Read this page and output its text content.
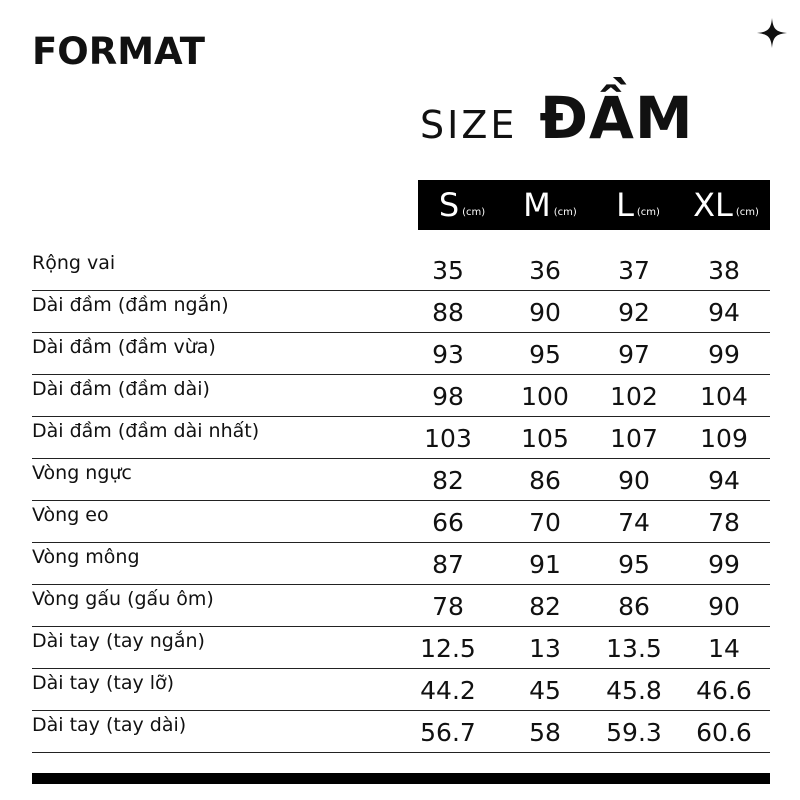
FORMAT
SIZE ĐẦM
S (cm) M (cm) L (cm) XL (cm)
Rộng vai	35	36	37	38
Dài đầm (đầm ngắn)	88	90	92	94
Dài đầm (đầm vừa)	93	95	97	99
Dài đầm (đầm dài)	98	100	102	104
Dài đầm (đầm dài nhất)	103	105	107	109
Vòng ngực	82	86	90	94
Vòng eo	66	70	74	78
Vòng mông	87	91	95	99
Vòng gấu (gấu ôm)	78	82	86	90
Dài tay (tay ngắn)	12.5	13	13.5	14
Dài tay (tay lỡ)	44.2	45	45.8	46.6
Dài tay (tay dài)	56.7	58	59.3	60.6
